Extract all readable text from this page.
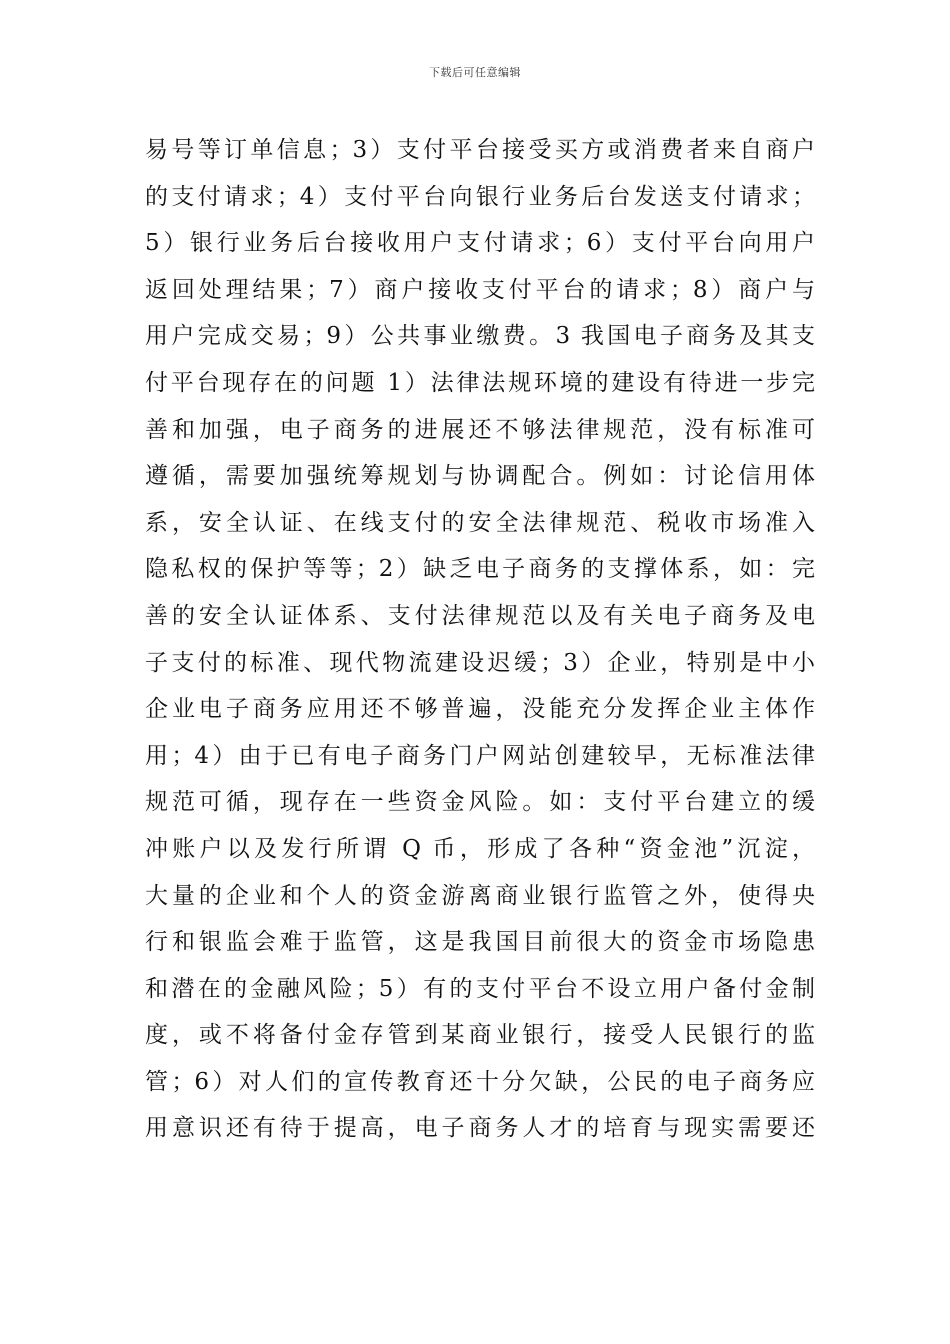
下载后可任意编辑
易号等订单信息；3）支付平台接受买方或消费者来自商户
的支付请求；4）支付平台向银行业务后台发送支付请求；
5）银行业务后台接收用户支付请求；6）支付平台向用户
返回处理结果；7）商户接收支付平台的请求；8）商户与
用户完成交易；9）公共事业缴费。3 我国电子商务及其支
付平台现存在的问题 1）法律法规环境的建设有待进一步完
善和加强，电子商务的进展还不够法律规范，没有标准可
遵循，需要加强统筹规划与协调配合。例如：讨论信用体
系，安全认证、在线支付的安全法律规范、税收市场准入
隐私权的保护等等；2）缺乏电子商务的支撑体系，如：完
善的安全认证体系、支付法律规范以及有关电子商务及电
子支付的标准、现代物流建设迟缓；3）企业，特别是中小
企业电子商务应用还不够普遍，没能充分发挥企业主体作
用；4）由于已有电子商务门户网站创建较早，无标准法律
规范可循，现存在一些资金风险。如：支付平台建立的缓
冲账户以及发行所谓 Q 币，形成了各种“资金池”沉淀，
大量的企业和个人的资金游离商业银行监管之外，使得央
行和银监会难于监管，这是我国目前很大的资金市场隐患
和潜在的金融风险；5）有的支付平台不设立用户备付金制
度，或不将备付金存管到某商业银行，接受人民银行的监
管；6）对人们的宣传教育还十分欠缺，公民的电子商务应
用意识还有待于提高，电子商务人才的培育与现实需要还
